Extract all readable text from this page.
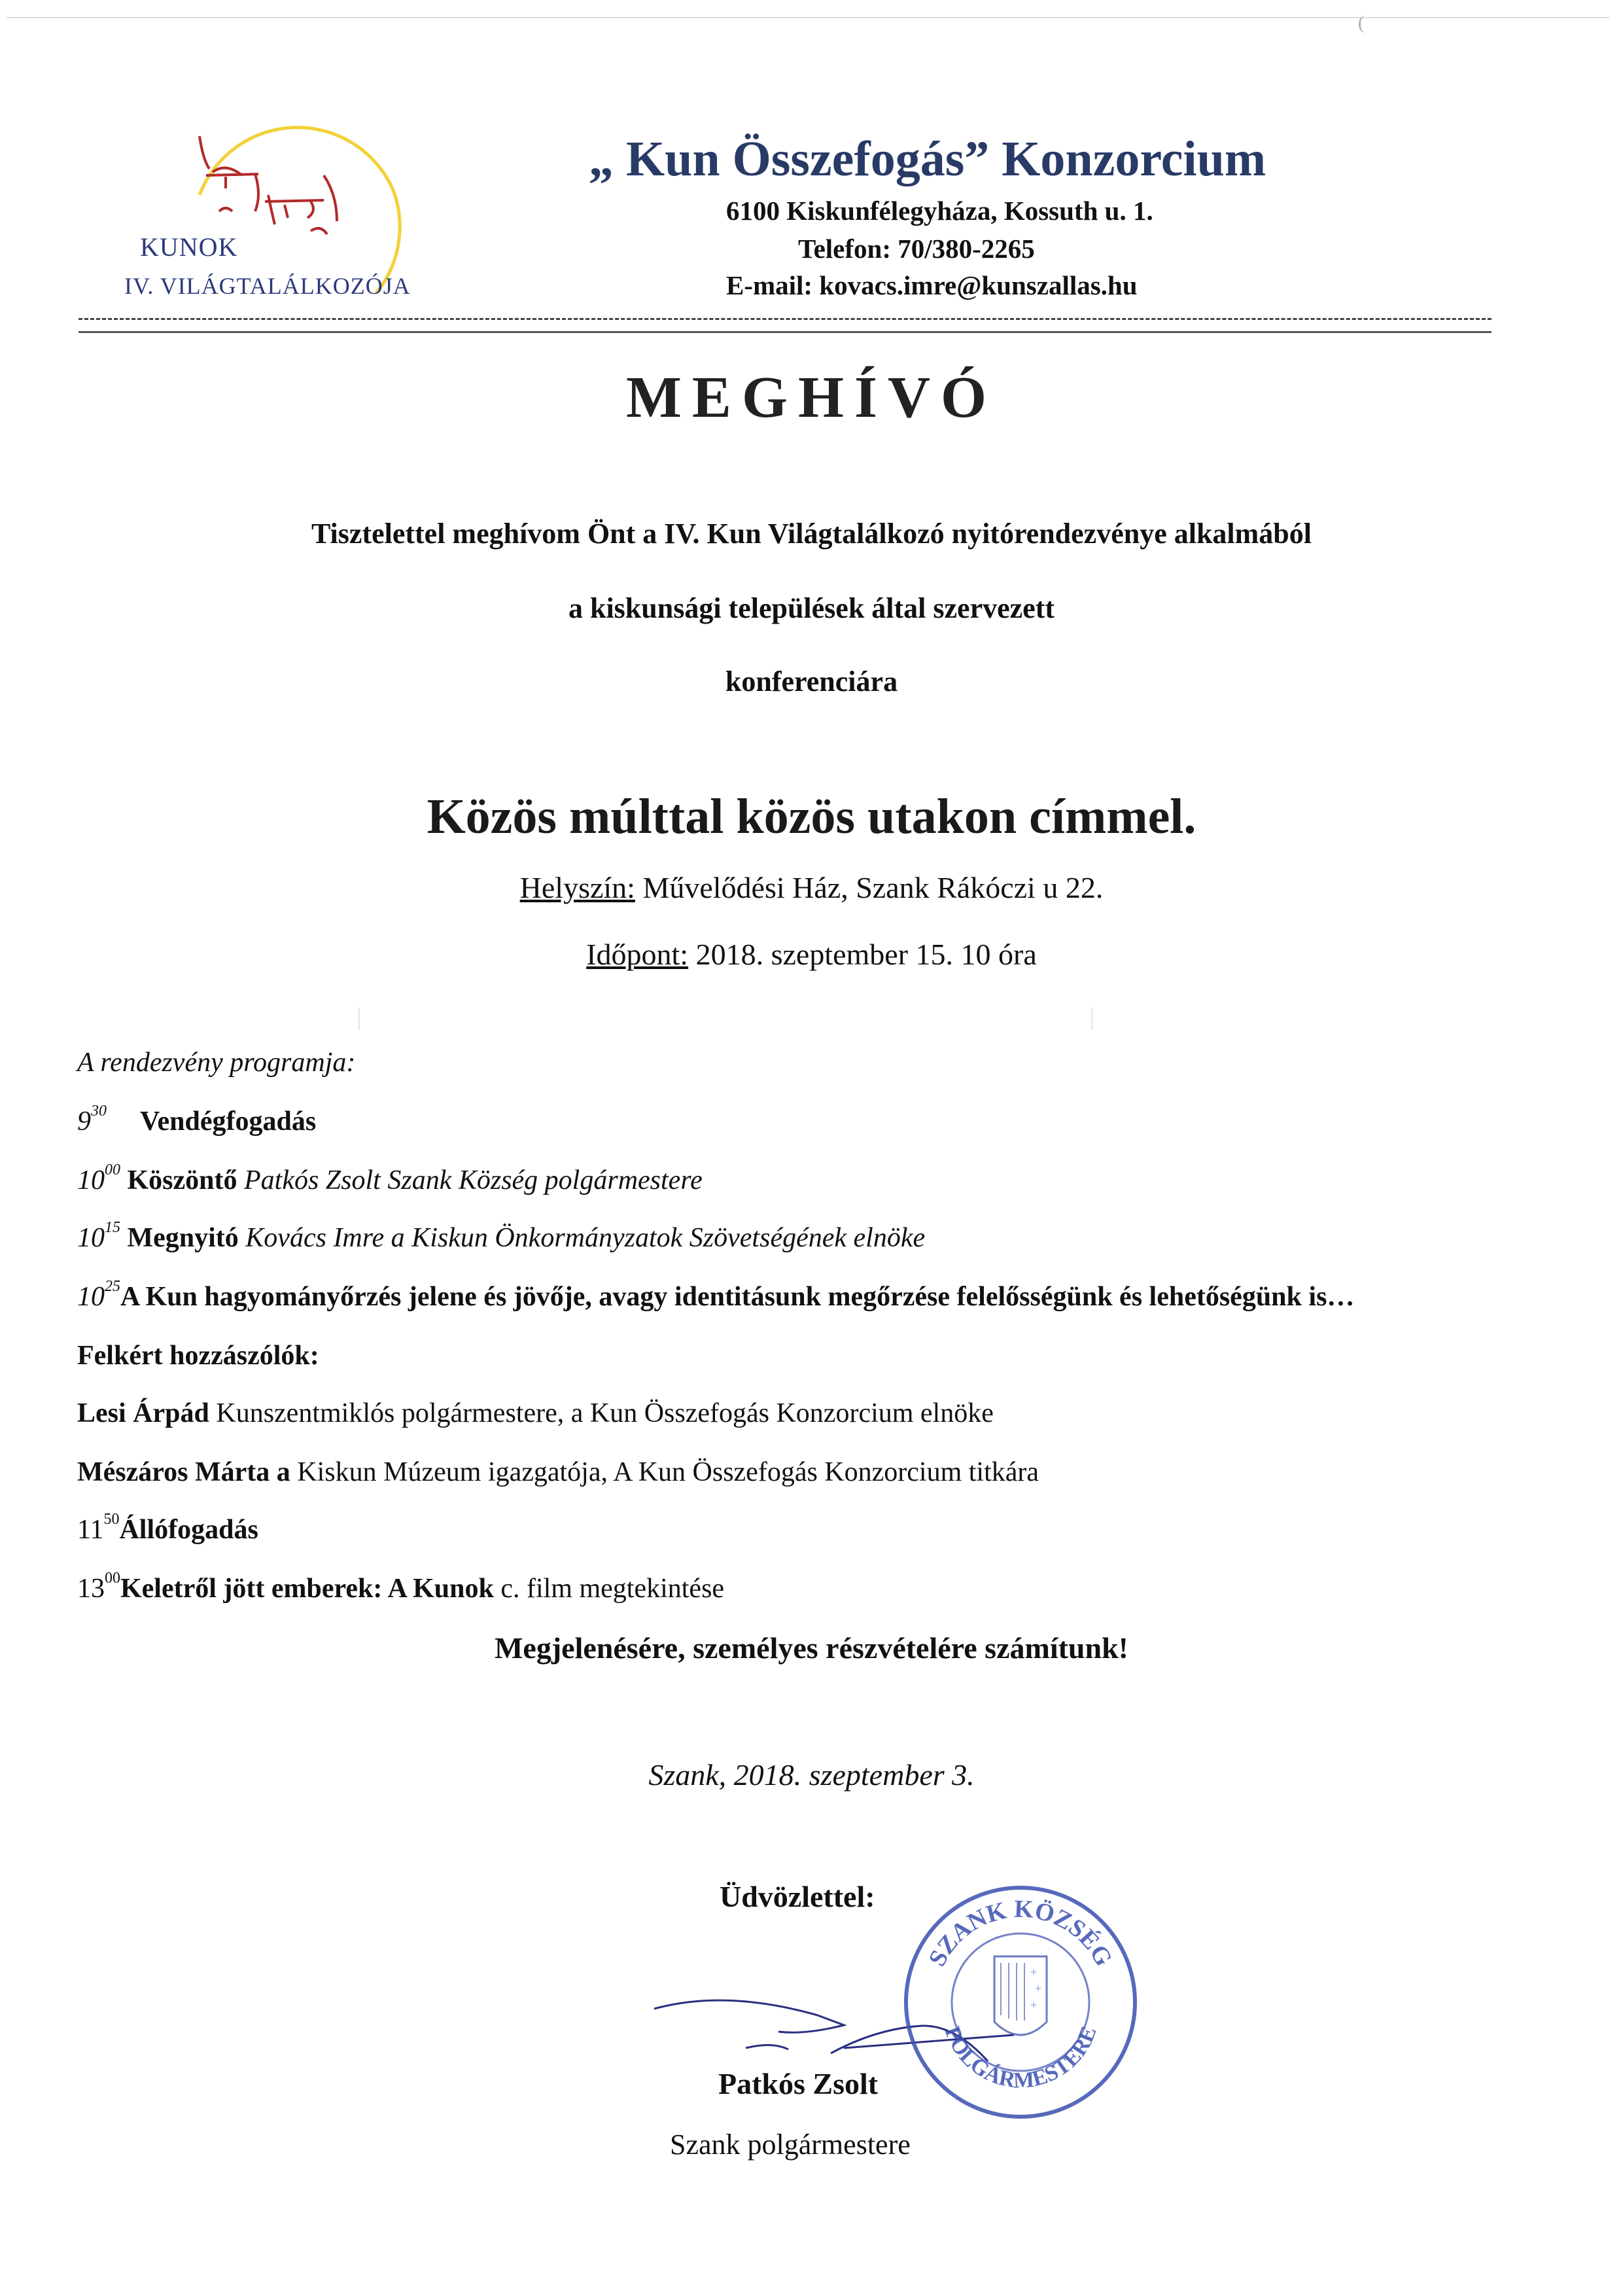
(
KUNOK
IV. VILÁGTALÁLKOZÓJA
„ Kun Összefogás” Konzorcium
6100 Kiskunfélegyháza, Kossuth u. 1.
Telefon: 70/380-2265
E-mail: kovacs.imre@kunszallas.hu
MEGHÍVÓ
Tisztelettel meghívom Önt a IV. Kun Világtalálkozó nyitórendezvénye alkalmából
a kiskunsági települések által szervezett
konferenciára
Közös múlttal közös utakon címmel.
Helyszín: Művelődési Ház, Szank Rákóczi u 22.
Időpont: 2018. szeptember 15. 10 óra
A rendezvény programja:
$9^{30}$ Vendégfogadás
$10^{00}$ Köszöntő Patkós Zsolt Szank Község polgármestere
$10^{15}$ Megnyitó Kovács Imre a Kiskun Önkormányzatok Szövetségének elnöke
$10^{25}A$ Kun hagyományőrzés jelene és jövője, avagy identitásunk megőrzése felelősségünk és lehetőségünk is…
Felkért hozzászólók:
Lesi Árpád Kunszentmiklós polgármestere, a Kun Összefogás Konzorcium elnöke
Mészáros Márta a Kiskun Múzeum igazgatója, A Kun Összefogás Konzorcium titkára
$11^{50}Állófogadás$
$13^{00}Keletről$ jött emberek: A Kunok c. film megtekintése
Megjelenésére, személyes részvételére számítunk!
Szank, 2018. szeptember 3.
Üdvözlettel:
SZANK KÖZSÉG
POLGÁRMESTERE
+
+
+
Patkós Zsolt
Szank polgármestere
